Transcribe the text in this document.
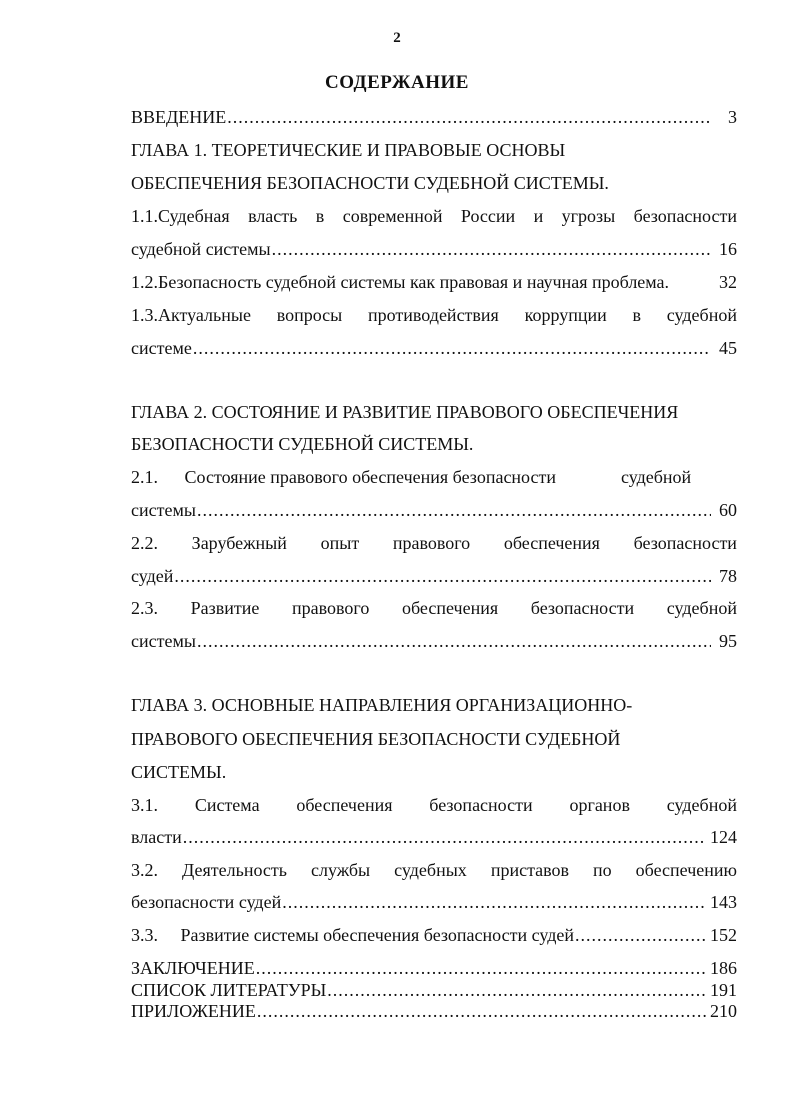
2
СОДЕРЖАНИЕ
ВВЕДЕНИЕ .....	3
ГЛАВА 1. ТЕОРЕТИЧЕСКИЕ И ПРАВОВЫЕ ОСНОВЫ
ОБЕСПЕЧЕНИЯ БЕЗОПАСНОСТИ СУДЕБНОЙ СИСТЕМЫ.
1.1.Судебная власть в современной России и угрозы безопасности
судебной системы .....	16
1.2.Безопасность судебной системы как правовая и научная проблема.	32
1.3.Актуальные вопросы противодействия коррупции в судебной
системе .....	45
ГЛАВА 2. СОСТОЯНИЕ И РАЗВИТИЕ ПРАВОВОГО ОБЕСПЕЧЕНИЯ
БЕЗОПАСНОСТИ СУДЕБНОЙ СИСТЕМЫ.
2.1. Состояние правового обеспечения безопасности	судебной
системы .....	60
2.2. Зарубежный опыт правового обеспечения безопасности
судей .....	78
2.3. Развитие правового обеспечения безопасности судебной
системы .....	95
ГЛАВА 3. ОСНОВНЫЕ НАПРАВЛЕНИЯ ОРГАНИЗАЦИОННО-
ПРАВОВОГО ОБЕСПЕЧЕНИЯ БЕЗОПАСНОСТИ СУДЕБНОЙ
СИСТЕМЫ.
3.1. Система обеспечения безопасности органов судебной
власти .....	124
3.2. Деятельность службы судебных приставов по обеспечению
безопасности судей .....	143
3.3.     Развитие системы обеспечения безопасности судей .....	152
ЗАКЛЮЧЕНИЕ .....	186
СПИСОК ЛИТЕРАТУРЫ .....	191
ПРИЛОЖЕНИЕ .....	210
